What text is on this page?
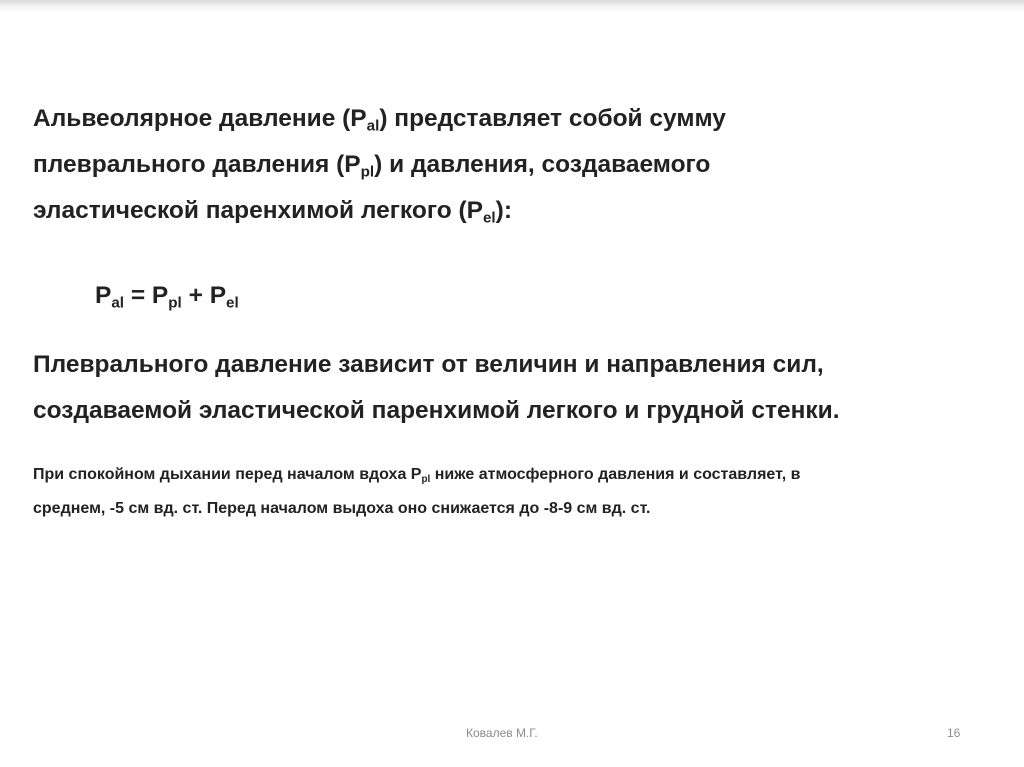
Альвеолярное давление $(P_{al})$ представляет собой сумму
плеврального давления $(P_{pl})$ и давления, создаваемого
эластической паренхимой легкого $(P_{el})$:

$P_{al} = P_{pl} + P_{el}$

Плеврального давление зависит от величин и направления сил,
создаваемой эластической паренхимой легкого и грудной стенки.

При спокойном дыхании перед началом вдоха $P_{pl}$ ниже атмосферного давления и составляет, в
среднем, -5 см вд. ст. Перед началом выдоха оно снижается до -8-9 см вд. ст.

Ковалев М.Г.	16
